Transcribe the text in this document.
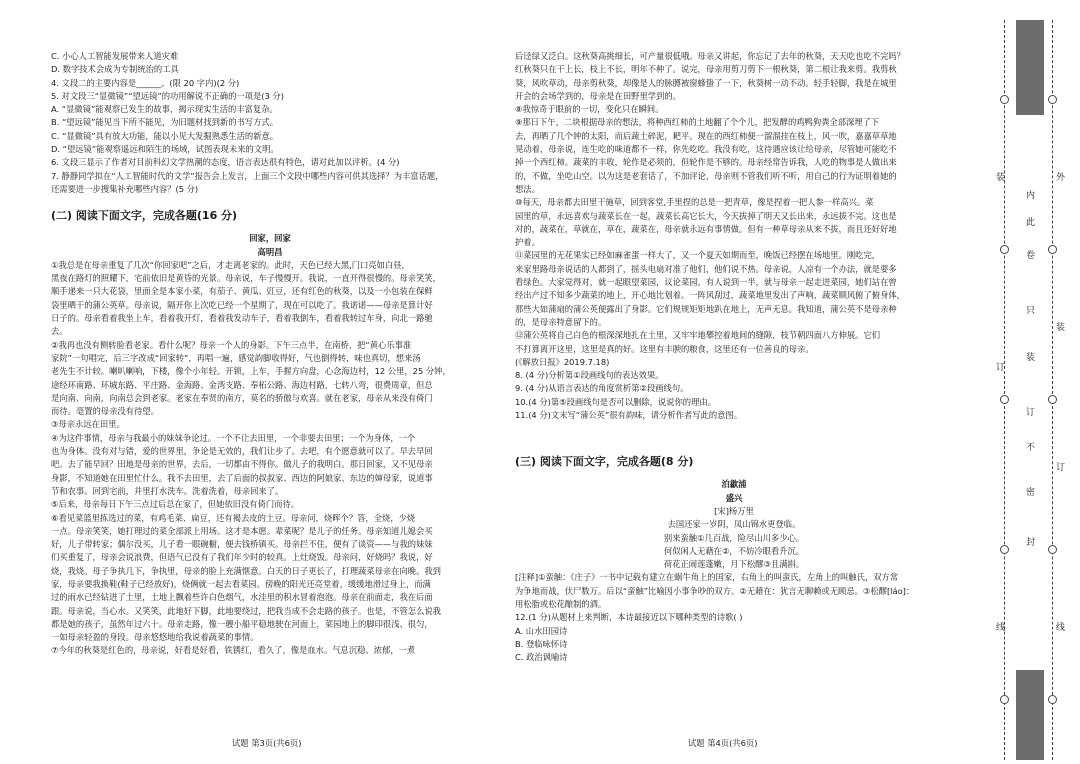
C. 小心人工智能发展带来人道灾难

D. 数字技术会成为专制统治的工具

4. 文段二的主要内容是______。(限 20 字内)(2 分)

5. 对文段三“显微镜”“望远镜”的功用解说不正确的一项是(3 分)

A. “显微镜”能观察已发生的故事，揭示现实生活的丰富复杂。

B. “望远镜”能见当下所不能见，为旧题材找到新的书写方式。

C. “显微镜”具有放大功能，能以小见大发掘熟悉生活的新意。

D. “望远镜”能观察遥远和陌生的场域，试图表现未来的文明。

6. 文段三显示了作者对目前科幻文学热潮的态度，语言表达很有特色，请对此加以评析。(4 分)

7. 静静同学拟在“人工智能时代的文学”报告会上发言，上面三个文段中哪些内容可供其选择？为丰富话题，

还需要进一步搜集补充哪些内容？(5 分)

(二) 阅读下面文字，完成各题(16 分)

回家，回家

高明昌

①我总是在母亲重复了几次“你回家吧”之后，才走离老家的。此时，天色已经大黑,门口亮如白昼，

黑夜在路灯的照耀下，宅前依旧是黄昏的光景。母亲说，车子慢慢开。我说，一直开得很慢的。母亲笑笑，

顺手递来一只大花袋，里面全是本家小菜，有茄子、黄瓜、豇豆，还有红色的秋葵，以及一小包装在保鲜

袋里晒干的蒲公英草。母亲说，隔开你上次吃已经一个星期了，现在可以吃了。我诺诺——母亲是算计好

日子的。母亲看着我坐上车，看着我开灯，看着我发动车子，看着我倒车，看着我转过车身，向北一路驰

去。

②我再也没有侧转脸看老家。看什么呢？母亲一个人的身影。下午三点半，在南桥，把“黄心乐事准

家院”一句唱完，后三字改成“回家转”，再唱一遍，感觉韵脚收得好，气也倒得转，味也真切，想来汤

老先生不计较。喇叭喇响，下楼，像个小年轻。开锁，上车，手握方向盘，心念海边村，12 公里，25 分钟，

途经环南路、环城东路、平庄路、金海路、金湾支路、奉柘公路、海边村路，七转八弯，很费周章，但总

是向南、向南，向南总会到老家。老家在奉贤的南方，莫名的骄傲与欢喜。就在老家，母亲从来没有倚门

而待。毫置的母亲没有待望。

③母亲永远在田里。

④为这件事情，母亲与我最小的妹妹争论过。一个不让去田里，一个非要去田里；一个为身体，一个

也为身体。没有对与错，爱的世界里，争论是无效的，我们让步了。去吧，有个愿意就可以了。早去早回

吧。去了能早回？田地是母亲的世界，去后，一切都由不得你。做儿子的我明白。那日回家，又不见母亲

身影，不知道她在田里忙什么。我不去田里，去了后面的叔叔家、西边的阿娘家、东边的婶母家，说道事

节和农事。回到宅前，并里打水洗车。洗着洗着，母亲回来了。

⑤后来，母亲每日下午三点过后总在家了，但她依旧没有倚门而待。

⑥看见菜篮里拣选过的菜，有鸡毛菜、扁豆，还有褐去皮的土豆。母亲问，烧晖个？答，全烧，少烧

一点。母亲笑笑，她打理过的菜全部派上用场。这才是本愿。辈菜呢？是儿子的任务。母亲知道儿媳会买

好，儿子带转家；偶尔没买，儿子看一眼碗橱，便去钱桥镇买。母亲拦不住，便有了谈资——与我的妹妹

们买重复了，母亲会说浪费，但语气已没有了我们年少时的较真。上灶烧饭。母亲问，好烧吗？我说，好

烧，我烧。母子争执几下，争执里，母亲的脸上充满惬意。白天的日子更长了，打理蔬菜母亲在向晚。我到

家，母亲要我换鞋(鞋子已经放好)，烧俩就一起去看菜园。傍晚的阳光还亮堂着，缓缓地滑过身上，而满

过的雨水已经钻进了土里，土地上飘着些许白色烟气，水洼里的积水冒着泡泡。母亲在前面走，我在后面

跟。母亲说，当心水。又笑笑，此地好下脚，此地要绕过，把我当成不会走路的孩子。也是，不管怎么说我

都是她的孩子，虽然年过六十。母亲走路，像一艘小船平稳地驶在河面上，菜园地上的脚印很浅、很匀，

一如母亲轻盈的身段。母亲悠悠地给我说着蔬菜的事情。

⑦今年的秋葵是红色的，母亲说，好看是好看，铁锈红，看久了，像是血水。气息沉稳、浓郁，一煮

后迳绿又泛白。这秋葵高挑细长，可产量很低哦。母亲又讲起，你忘记了去年的秋葵，天天吃也吃不完吗？

红秋葵只在干上长，枝上不长，明年不种了。说完，母亲用剪刀剪下一根秋葵，第二根让我来剪。我剪秋

葵，风吹草动，母亲剪秋葵，却像是人的脉膊被窗蜂蛰了一下，秋葵树一动不动。轻手轻脚，我是在城里

开会的会场学到的，母亲是在田野里学到的。

⑧我惊奇于眼前的一切，变化只在瞬间。

⑨那日下午，二块根据母亲的想法，将种西红柿的土地翻了个个儿，把发酵的鸡鸭狗粪全部深埋了下

去，再晒了几个钟的太阳，而后蔬土碎泥，耙平。现在的西红柿便一溜溜挂在枝上，风一吹，嘉嘉草草地

晃动着，母亲说，连生吃的味道都不一样，你先吃吃。我没有吃，这待遇应该让给母亲，尽管她可能吃不

掉一个西红柿。蔬菜的丰收，轮作是必须的，但轮作是不够的。母亲经常告诉我，人吃的物事是人做出来

的，不做，坐吃山空。以为这是老套话了，不加评论，母亲则不管我们听不听，用自己的行为证明着她的

想法。

⑩每天，母亲都去田里干施草，回到客堂,手里捏的总是一把青草，像是捏着一把人参一样高兴。菜

园里的草，永远喜欢与蔬菜长在一起，蔬菜长高它长大，今天拔掉了明天又长出来，永远拔不完。这也是

对的，蔬菜在，草就在，草在，蔬菜在，母亲就永远有事情做。但有一种草母亲从来不拔，而且还好好地

护着。

⑪菜园里的无花果实已经如麻雀蛋一样大了，又一个夏天如期而至，晚饭已经摆在场地里。刚吃完，

来家里路母亲说话的人都到了，摇头电扇对准了他们，他们说不热。母亲说，人凉有一个办法，就是要多

看绿色。大家觉得对，就一起眼望菜园，议论菜园。有人说到一半，就与母亲一起走进菜园，她们站在曾

经出产过不知多少蔬菜的地上，开心地比划着。一阵风刮过，蔬菜地里发出了声响，蔬菜顺风俯了俯身体，

那些大如蒲扇的蒲公英便露出了身影。它们规规矩矩地趴在地上，无声无息。我知道，蒲公英不是母亲种

的，是母亲特意留下的。

⑫蒲公英将自己白色的根深深地扎在土里，又牢牢地攀控着地间的缝隙，枝节朝四面八方伸展。它们

不打算离开这里，这里是真的好。这里有丰腴的粮食，这里还有一位善良的母亲。

(《解放日报》2019.7.18)

8. (4 分)分析第①段画线句的表达效果。

9. (4 分)从语言表达的角度赏析第②段画线句。

10.(4 分)第⑤段画线句是否可以删除，说说你的理由。

11.(4 分)文末写“蒲公英”很有韵味，请分析作者写此的意图。

(三) 阅读下面文字，完成各题(8 分)

泊歙浦

盛兴

[宋]杨万里

去国还家一岁阴，凤山锦水更登临。

别来蛮触①几百战，险尽山川多少心。

何似闲人无藉在②，不妨冷眼看升沉。

荷花正闹莲蓬嫩，月下松醪③且满斟。

[注释]①蛮触：《庄子》一书中记载有建立在蜗牛角上的国家，右角上的叫蛮氏，左角上的叫触氏，双方常

为争地而战，伏尸数万。后以“蛮触”比喻因小事争吵的双方。②无藉在：犹言无聊赖或无顾忌。③松醪[láo]：

用松脂或松花酿制的酒。

12.(1 分)从题材上来判断，本诗最接近以下哪种类型的诗歌( )

A. 山水田园诗

B. 登临咏怀诗

C. 政治讽喻诗

试题 第3页(共6页)	试题 第4页(共6页)
内
此
卷
只
装
订
不
密
封
装
订
线
外
装
订
线
